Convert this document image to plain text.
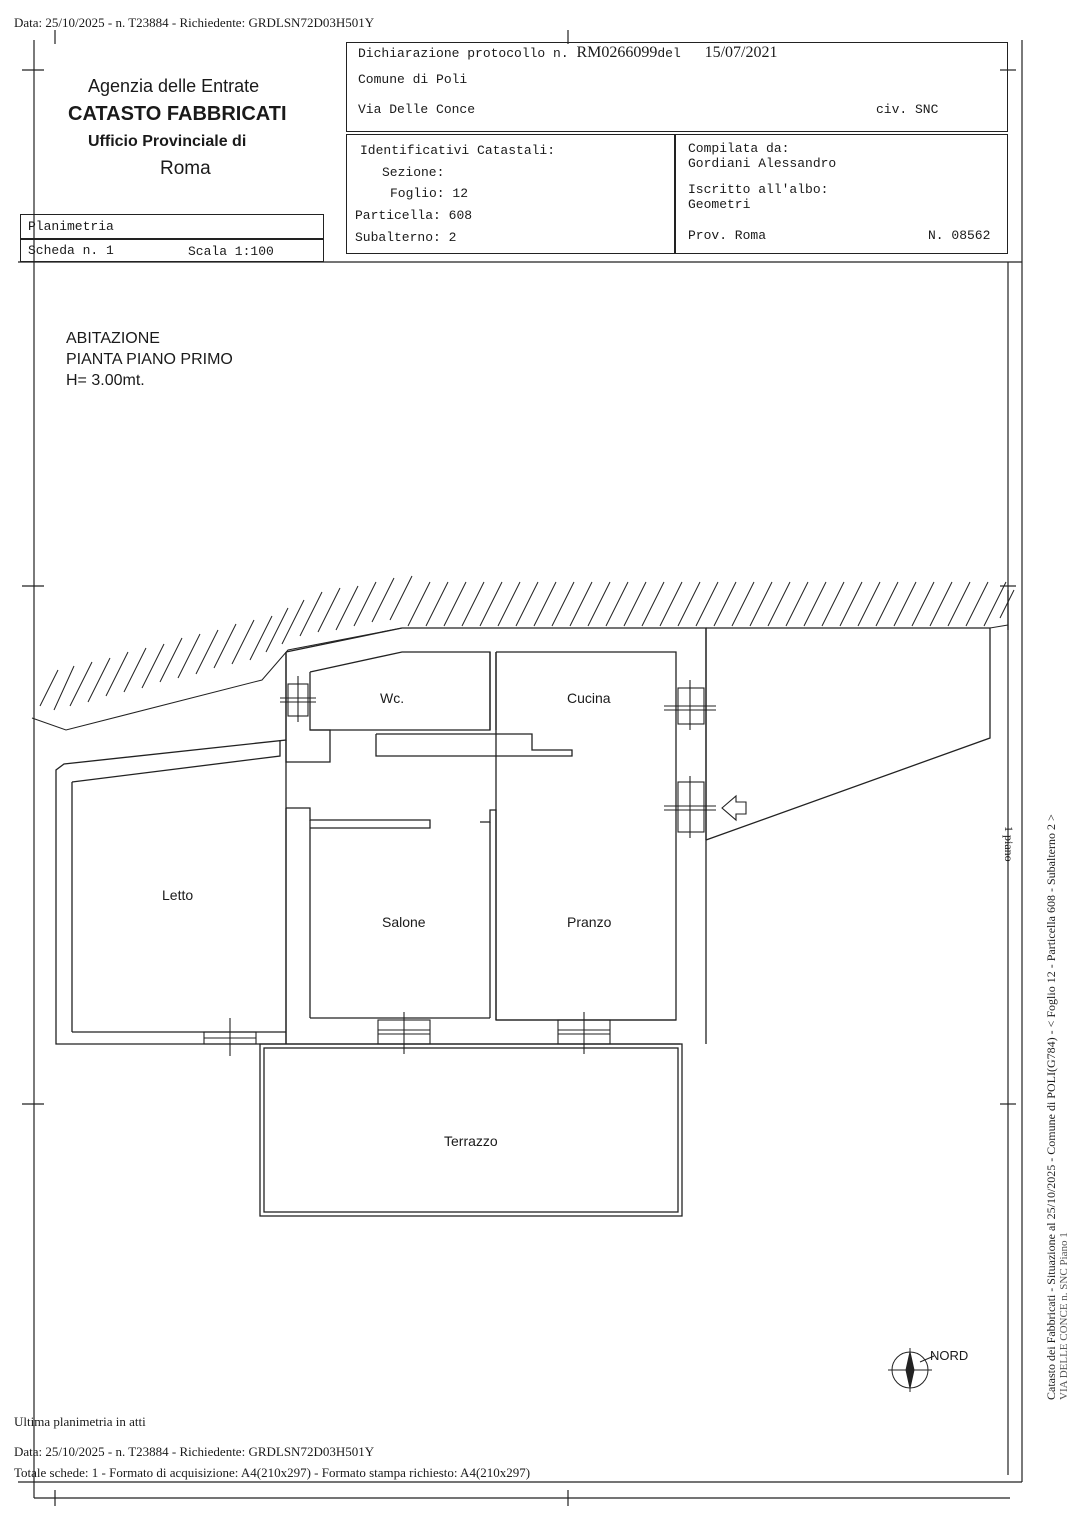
Data: 25/10/2025 - n. T23884 - Richiedente: GRDLSN72D03H501Y
Agenzia delle Entrate
CATASTO FABBRICATI
Ufficio Provinciale di
Roma
Dichiarazione protocollo n. RM0266099del 15/07/2021
Comune di Poli
Via Delle Conce	civ. SNC
Identificativi Catastali:
Sezione:
Foglio: 12
Particella: 608
Subalterno: 2
Compilata da:
Gordiani Alessandro
Iscritto all'albo:
Geometri
Prov. Roma	N. 08562
Planimetria
Scheda n. 1	Scala 1:100
ABITAZIONE
PIANTA PIANO PRIMO
H= 3.00mt.
Wc.	Cucina
Letto
Salone	Pranzo
Terrazzo
NORD	Catasto dei Fabbricati - Situazione al 25/10/2025 - Comune di POLI(G784) - < Foglio 12 - Particella 608 - Subalterno 2 > VIA DELLE CONCE n. SNC Piano 1
1 piano
Ultima planimetria in atti
Data: 25/10/2025 - n. T23884 - Richiedente: GRDLSN72D03H501Y
Totale schede: 1 - Formato di acquisizione: A4(210x297) - Formato stampa richiesto: A4(210x297)
